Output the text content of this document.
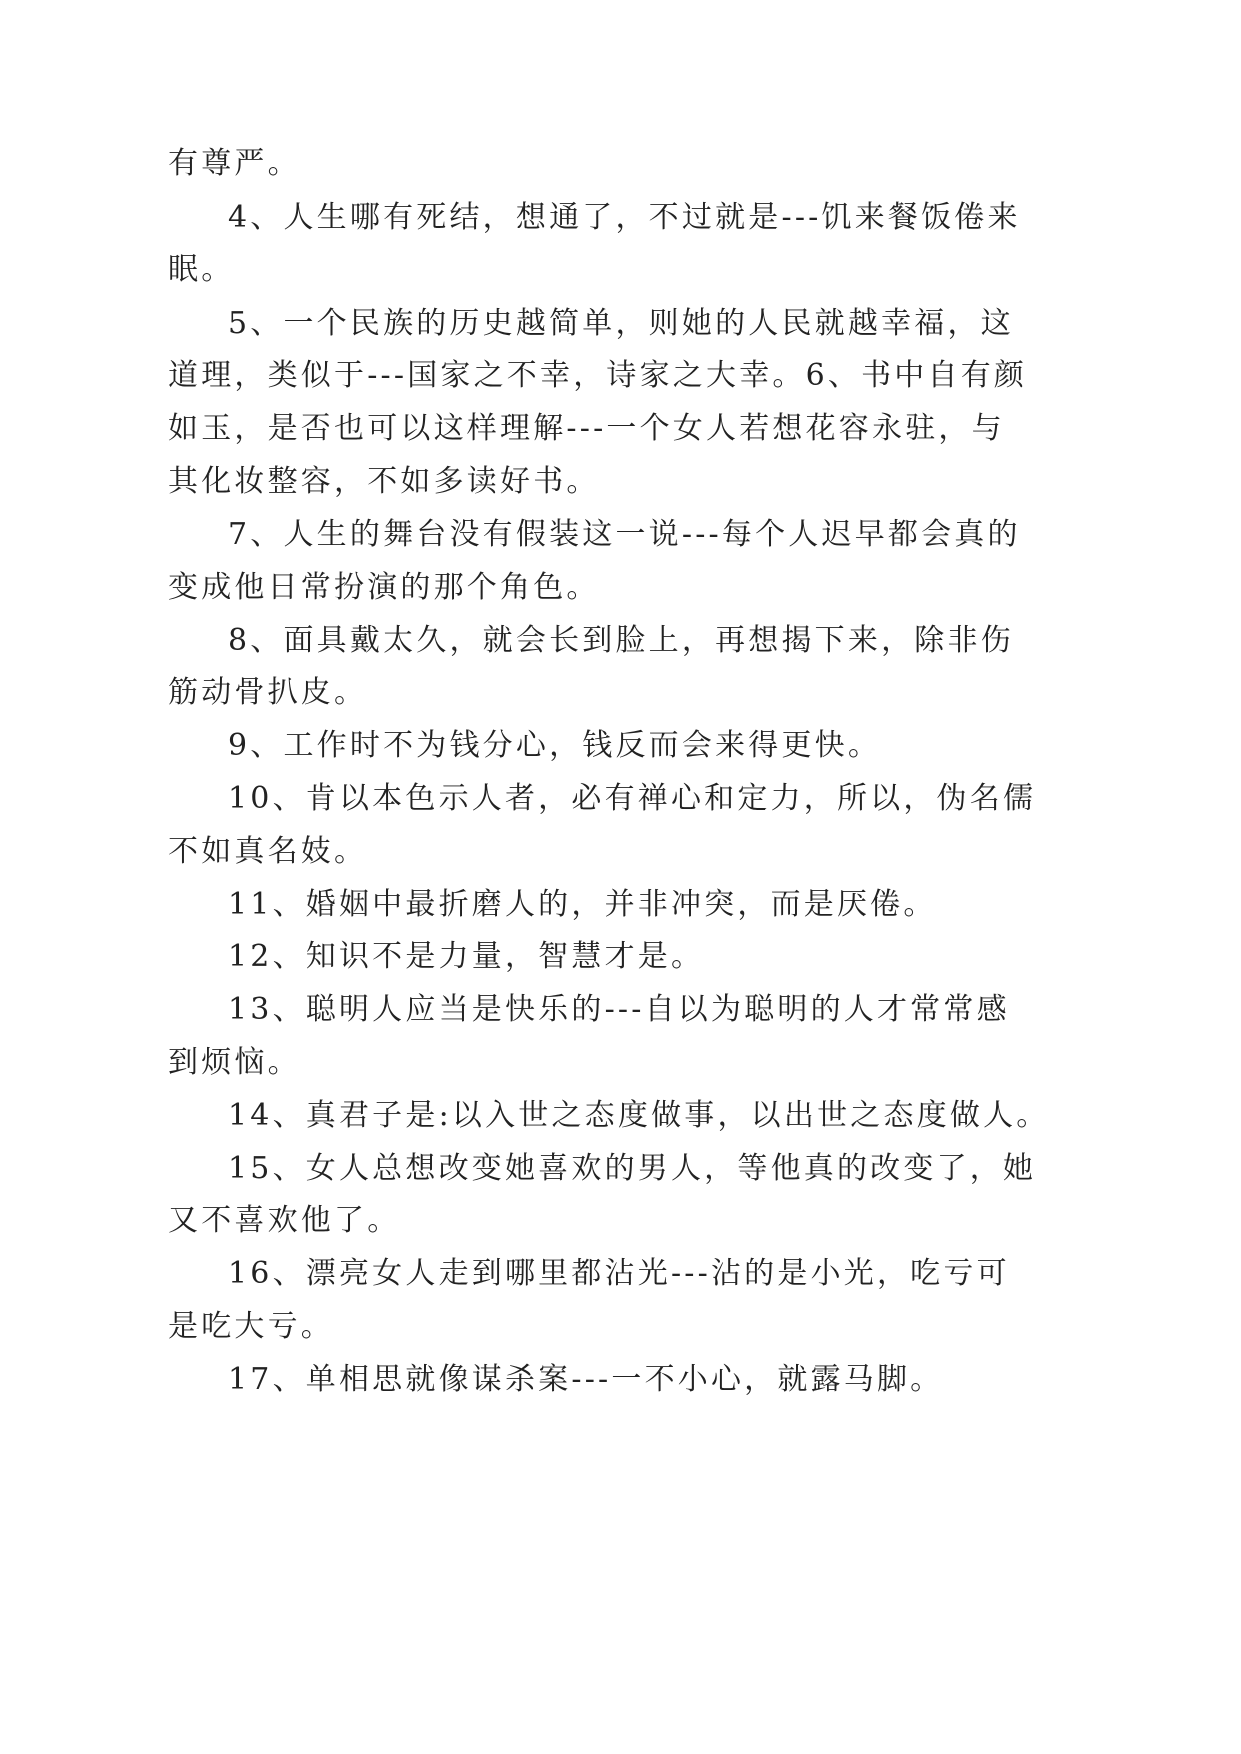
有尊严。
4、人生哪有死结，想通了，不过就是---饥来餐饭倦来
眠。
5、一个民族的历史越简单，则她的人民就越幸福，这
道理，类似于---国家之不幸，诗家之大幸。6、书中自有颜
如玉，是否也可以这样理解---一个女人若想花容永驻，与
其化妆整容，不如多读好书。
7、人生的舞台没有假装这一说---每个人迟早都会真的
变成他日常扮演的那个角色。
8、面具戴太久，就会长到脸上，再想揭下来，除非伤
筋动骨扒皮。
9、工作时不为钱分心，钱反而会来得更快。
10、肯以本色示人者，必有禅心和定力，所以，伪名儒
不如真名妓。
11、婚姻中最折磨人的，并非冲突，而是厌倦。
12、知识不是力量，智慧才是。
13、聪明人应当是快乐的---自以为聪明的人才常常感
到烦恼。
14、真君子是:以入世之态度做事，以出世之态度做人。
15、女人总想改变她喜欢的男人，等他真的改变了，她
又不喜欢他了。
16、漂亮女人走到哪里都沾光---沾的是小光，吃亏可
是吃大亏。
17、单相思就像谋杀案---一不小心，就露马脚。
